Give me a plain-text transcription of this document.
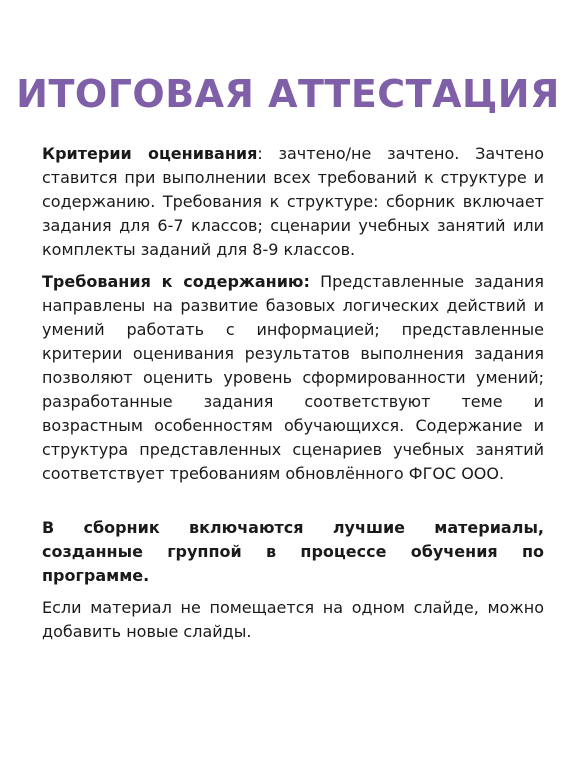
ИТОГОВАЯ АТТЕСТАЦИЯ

Критерии оценивания: зачтено/не зачтено. Зачтено ставится при выполнении всех требований к структуре и содержанию. Требования к структуре: сборник включает задания для 6-7 классов; сценарии учебных занятий или комплекты заданий для 8-9 классов.

Требования к содержанию: Представленные задания направлены на развитие базовых логических действий и умений работать с информацией; представленные критерии оценивания результатов выполнения задания позволяют оценить уровень сформированности умений; разработанные задания соответствуют теме и возрастным особенностям обучающихся. Содержание и структура представленных сценариев учебных занятий соответствует требованиям обновлённого ФГОС ООО.

В сборник включаются лучшие материалы, созданные группой в процессе обучения по программе.

Если материал не помещается на одном слайде, можно добавить новые слайды.
